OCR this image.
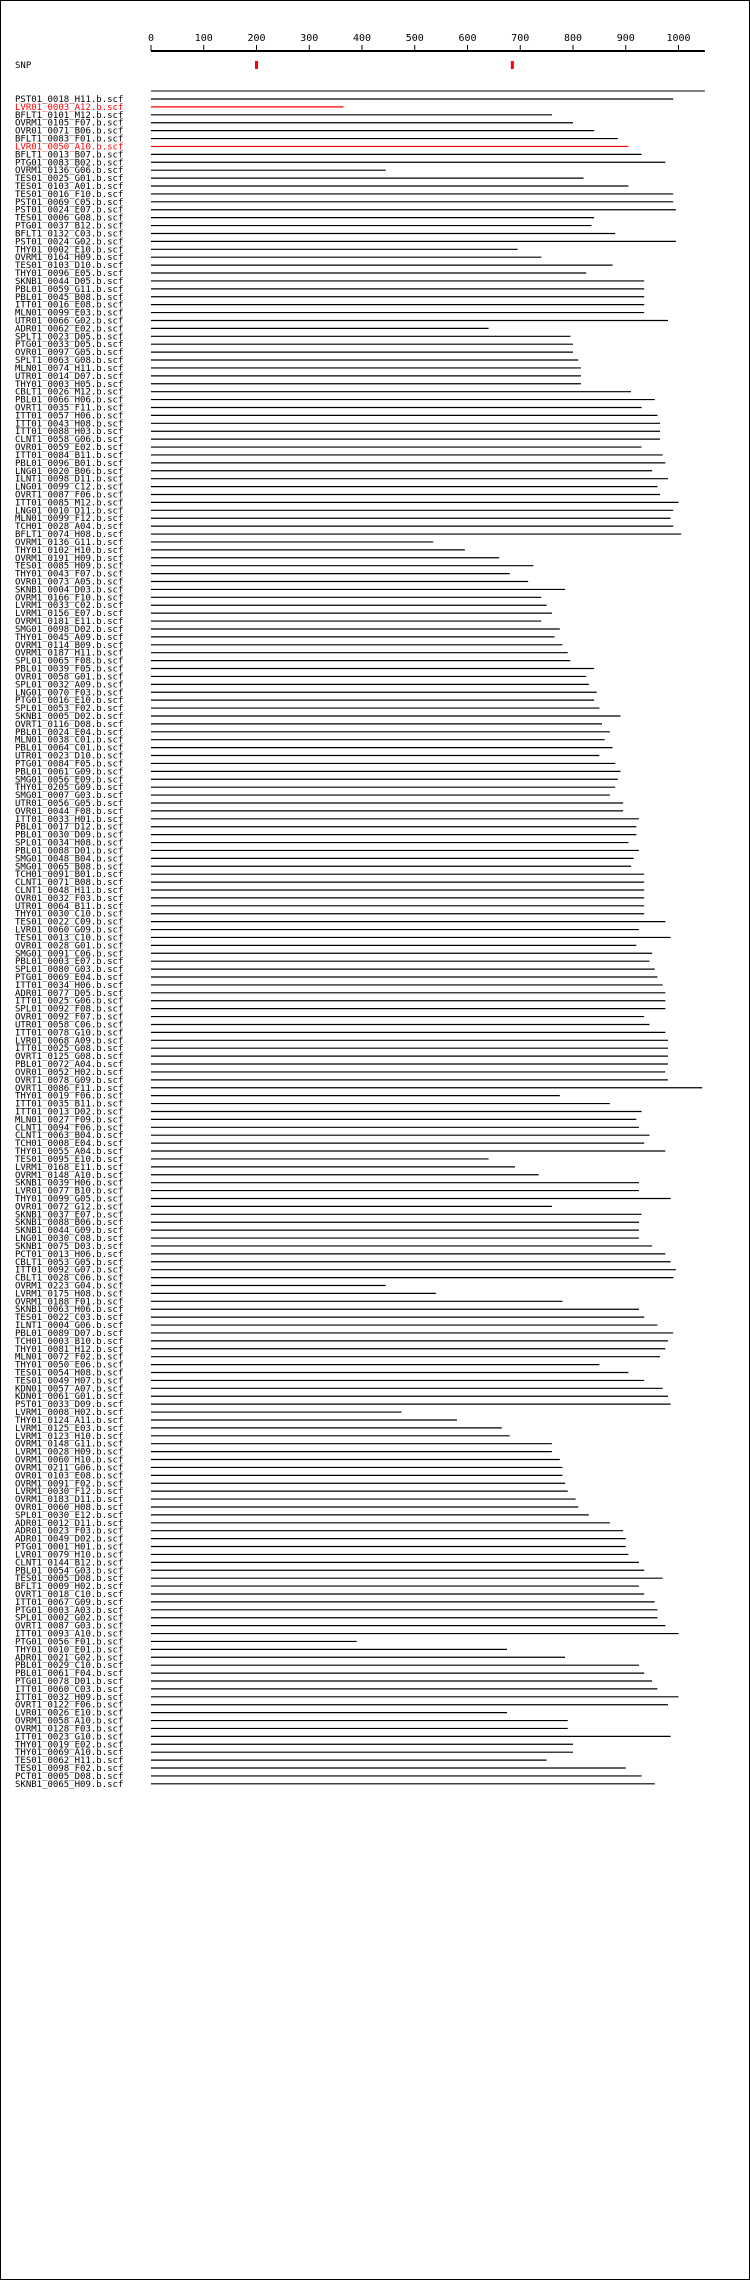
0	100	200	300	400	500	600	700	800	900	1000
SNP
PST01_0018_H11.b.scf
LVR01_0003_A12.b.scf
BFLT1_0101_M12.b.scf
OVRM1_0105_F07.b.scf
OVR01_0071_B06.b.scf
BFLT1_0083_F01.b.scf
LVR01_0050_A10.b.scf
BFLT1_0013_B07.b.scf
PTG01_0083_B02.b.scf
OVRM1_0136_G06.b.scf
TES01_0025_G01.b.scf
TES01_0103_A01.b.scf
TES01_0016_F10.b.scf
PST01_0069_C05.b.scf
PST01_0024_E07.b.scf
TES01_0006_G08.b.scf
PTG01_0037_B12.b.scf
BFLT1_0132_C03.b.scf
PST01_0024_G02.b.scf
THY01_0002_E10.b.scf
OVRM1_0164_H09.b.scf
TES01_0103_D10.b.scf
THY01_0096_E05.b.scf
SKNB1_0044_D05.b.scf
PBL01_0059_G11.b.scf
PBL01_0045_B08.b.scf
ITT01_0016_E08.b.scf
MLN01_0099_E03.b.scf
UTR01_0066_G02.b.scf
ADR01_0062_E02.b.scf
SPLT1_0023_D05.b.scf
PTG01_0033_D05.b.scf
OVR01_0097_G05.b.scf
SPLT1_0063_G08.b.scf
MLN01_0074_H11.b.scf
UTR01_0014_D07.b.scf
THY01_0003_H05.b.scf
CBLT1_0026_M12.b.scf
PBL01_0066_H06.b.scf
OVRT1_0035_F11.b.scf
ITT01_0057_H06.b.scf
ITT01_0043_H08.b.scf
ITT01_0088_H03.b.scf
CLNT1_0058_G06.b.scf
OVR01_0059_E02.b.scf
ITT01_0084_B11.b.scf
PBL01_0096_B01.b.scf
LNG01_0020_B06.b.scf
ILNT1_0098_D11.b.scf
LNG01_0099_C12.b.scf
OVRT1_0087_F06.b.scf
ITT01_0085_M12.b.scf
LNG01_0010_D11.b.scf
MLN01_0099_F12.b.scf
TCH01_0028_A04.b.scf
BFLT1_0074_H08.b.scf
OVRM1_0136_G11.b.scf
THY01_0102_H10.b.scf
OVRM1_0191_H09.b.scf
TES01_0085_H09.b.scf
THY01_0043_F07.b.scf
OVR01_0073_A05.b.scf
SKNB1_0004_D03.b.scf
OVRM1_0166_F10.b.scf
LVRM1_0033_C02.b.scf
LVRM1_0156_E07.b.scf
OVRM1_0181_E11.b.scf
SMG01_0098_D02.b.scf
THY01_0045_A09.b.scf
OVRM1_0114_B09.b.scf
OVRM1_0187_H11.b.scf
SPL01_0065_F08.b.scf
PBL01_0039_F05.b.scf
OVR01_0058_G01.b.scf
SPL01_0032_A09.b.scf
LNG01_0070_F03.b.scf
PTG01_0016_E10.b.scf
SPL01_0053_F02.b.scf
SKNB1_0005_D02.b.scf
OVRT1_0116_D08.b.scf
PBL01_0024_E04.b.scf
MLN01_0038_C01.b.scf
PBL01_0064_C01.b.scf
UTR01_0023_D10.b.scf
PTG01_0084_F05.b.scf
PBL01_0061_G09.b.scf
SMG01_0056_E09.b.scf
THY01_0205_G09.b.scf
SMG01_0007_G03.b.scf
UTR01_0056_G05.b.scf
OVR01_0044_F08.b.scf
ITT01_0033_H01.b.scf
PBL01_0017_D12.b.scf
PBL01_0030_D09.b.scf
SPL01_0034_H08.b.scf
PBL01_0088_D01.b.scf
SMG01_0048_B04.b.scf
SMG01_0065_B08.b.scf
TCH01_0091_B01.b.scf
CLNT1_0071_B08.b.scf
CLNT1_0048_H11.b.scf
OVR01_0032_F03.b.scf
UTR01_0064_B11.b.scf
THY01_0030_C10.b.scf
TES01_0022_C09.b.scf
LVR01_0060_G09.b.scf
TES01_0013_C10.b.scf
OVR01_0028_G01.b.scf
SMG01_0091_C06.b.scf
PBL01_0003_E07.b.scf
SPL01_0080_G03.b.scf
PTG01_0069_E04.b.scf
ITT01_0034_H06.b.scf
ADR01_0077_D05.b.scf
ITT01_0025_G06.b.scf
SPL01_0092_F08.b.scf
OVR01_0092_F07.b.scf
UTR01_0058_C06.b.scf
ITT01_0078_G10.b.scf
LVR01_0068_A09.b.scf
ITT01_0025_G08.b.scf
OVRT1_0125_G08.b.scf
PBL01_0072_A04.b.scf
OVR01_0052_H02.b.scf
OVRT1_0078_G09.b.scf
OVRT1_0086_F11.b.scf
THY01_0019_F06.b.scf
ITT01_0035_B11.b.scf
ITT01_0013_D02.b.scf
MLN01_0027_F09.b.scf
CLNT1_0094_F06.b.scf
CLNT1_0063_B04.b.scf
TCH01_0008_E04.b.scf
THY01_0055_A04.b.scf
TES01_0095_E10.b.scf
LVRM1_0168_E11.b.scf
OVRM1_0148_A10.b.scf
SKNB1_0039_H06.b.scf
LVR01_0077_B10.b.scf
THY01_0099_G05.b.scf
OVR01_0072_G12.b.scf
SKNB1_0037_E07.b.scf
SKNB1_0088_B06.b.scf
SKNB1_0044_G09.b.scf
LNG01_0030_C08.b.scf
SKNB1_0075_D03.b.scf
PCT01_0013_H06.b.scf
CBLT1_0053_G05.b.scf
ITT01_0092_G07.b.scf
CBLT1_0028_C06.b.scf
OVRM1_0223_G04.b.scf
LVRM1_0175_H08.b.scf
OVRM1_0188_F01.b.scf
SKNB1_0063_H06.b.scf
TES01_0022_C03.b.scf
ILNT1_0004_G06.b.scf
PBL01_0089_D07.b.scf
TCH01_0003_B10.b.scf
THY01_0081_H12.b.scf
MLN01_0072_F02.b.scf
THY01_0050_E06.b.scf
TES01_0054_H08.b.scf
TES01_0049_H07.b.scf
KDN01_0057_A07.b.scf
KDN01_0061_G01.b.scf
PST01_0033_D09.b.scf
LVRM1_0008_H02.b.scf
THY01_0124_A11.b.scf
LVRM1_0125_E03.b.scf
LVRM1_0123_H10.b.scf
OVRM1_0148_G11.b.scf
LVRM1_0028_H09.b.scf
OVRM1_0060_H10.b.scf
OVRM1_0211_G06.b.scf
OVR01_0103_E08.b.scf
OVRM1_0091_F02.b.scf
LVRM1_0030_F12.b.scf
OVRM1_0183_D11.b.scf
OVR01_0060_H08.b.scf
SPL01_0030_E12.b.scf
ADR01_0012_D11.b.scf
ADR01_0023_F03.b.scf
ADR01_0049_D02.b.scf
PTG01_0001_H01.b.scf
LVR01_0079_H10.b.scf
CLNT1_0144_B12.b.scf
PBL01_0054_G03.b.scf
TES01_0005_D08.b.scf
BFLT1_0009_H02.b.scf
OVRT1_0018_C10.b.scf
ITT01_0067_G09.b.scf
PTG01_0003_A03.b.scf
SPL01_0002_G02.b.scf
OVRT1_0087_G03.b.scf
ITT01_0093_A10.b.scf
PTG01_0056_F01.b.scf
THY01_0010_E01.b.scf
ADR01_0021_G02.b.scf
PBL01_0029_C10.b.scf
PBL01_0061_F04.b.scf
PTG01_0078_D01.b.scf
ITT01_0060_C03.b.scf
ITT01_0032_H09.b.scf
OVRT1_0122_F06.b.scf
LVR01_0026_E10.b.scf
OVRM1_0058_A10.b.scf
OVRM1_0128_F03.b.scf
ITT01_0023_G10.b.scf
THY01_0019_E02.b.scf
THY01_0069_A10.b.scf
TES01_0062_H11.b.scf
TES01_0098_F02.b.scf
PCT01_0005_D08.b.scf
SKNB1_0065_H09.b.scf
